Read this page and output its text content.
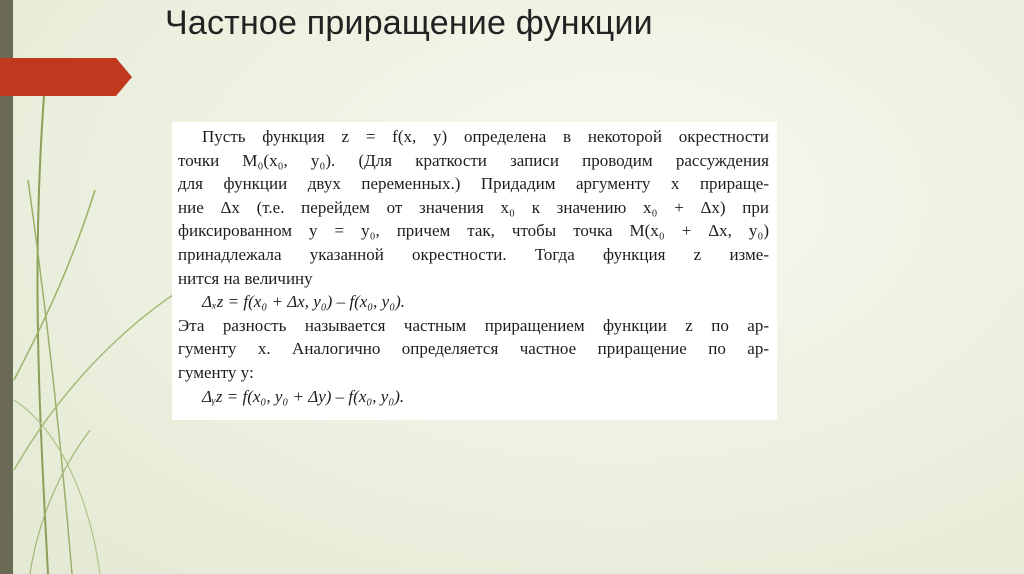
Частное приращение функции
Пусть функция z = f(x, y) определена в некоторой окрестности
точки M₀(x₀, y₀). (Для краткости записи проводим рассуждения
для функции двух переменных.) Придадим аргументу x прираще-
ние Δx (т.е. перейдем от значения x₀ к значению x₀ + Δx) при
фиксированном y = y₀, причем так, чтобы точка M(x₀ + Δx, y₀)
принадлежала указанной окрестности. Тогда функция z изме-
нится на величину
Δₓz = f(x₀ + Δx, y₀) – f(x₀, y₀).
Эта разность называется частным приращением функции z по ар-
гументу x. Аналогично определяется частное приращение по ар-
гументу y:
Δᵧz = f(x₀, y₀ + Δy) – f(x₀, y₀).
